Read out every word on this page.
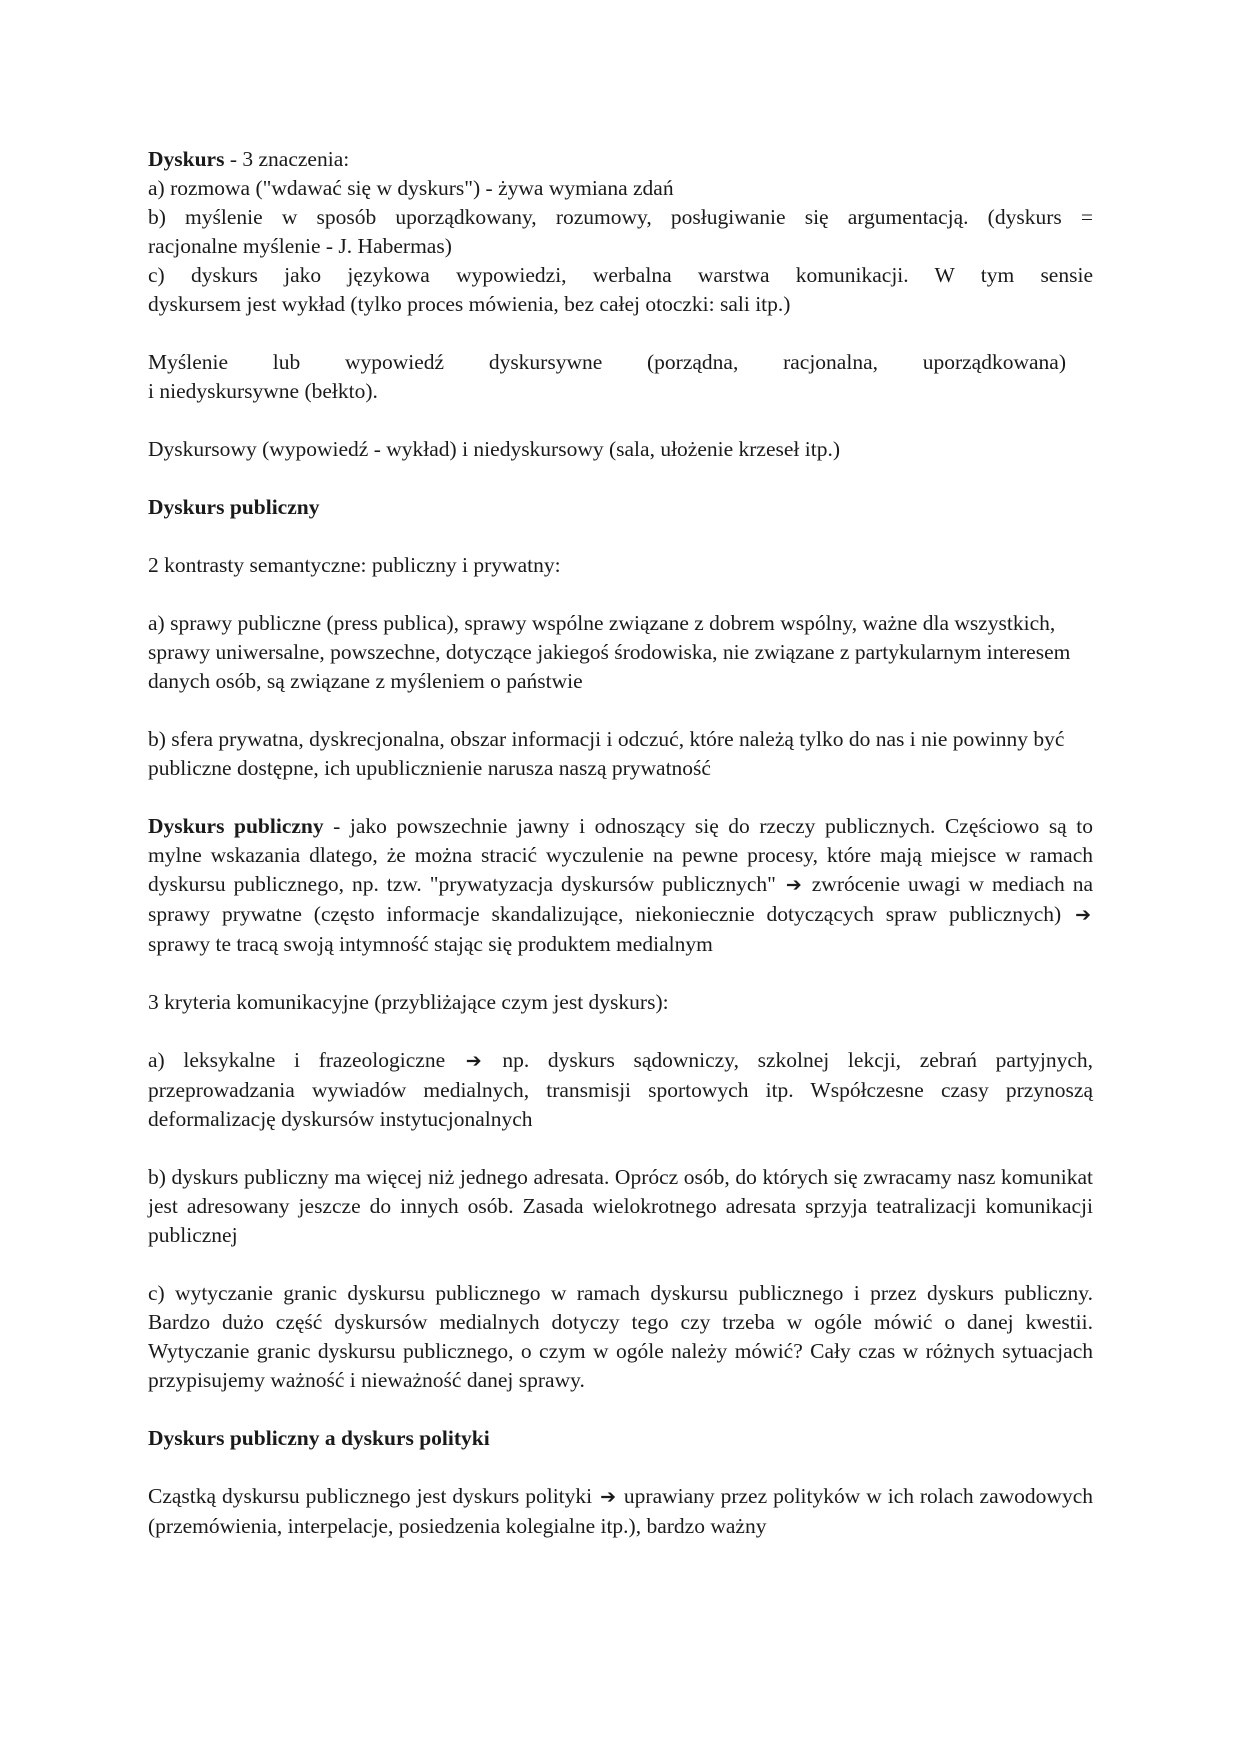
Dyskurs - 3 znaczenia:
a) rozmowa ("wdawać się w dyskurs") - żywa wymiana zdań
b) myślenie w sposób uporządkowany, rozumowy, posługiwanie się argumentacją. (dyskurs =
racjonalne myślenie - J. Habermas)
c) dyskurs jako językowa wypowiedzi, werbalna warstwa komunikacji. W tym sensie
dyskursem jest wykład (tylko proces mówienia, bez całej otoczki: sali itp.)
Myślenie lub wypowiedź dyskursywne (porządna, racjonalna, uporządkowana)
i niedyskursywne (bełkto).
Dyskursowy (wypowiedź - wykład) i niedyskursowy (sala, ułożenie krzeseł itp.)
Dyskurs publiczny
2 kontrasty semantyczne: publiczny i prywatny:
a) sprawy publiczne (press publica), sprawy wspólne związane z dobrem wspólny, ważne dla wszystkich, sprawy uniwersalne, powszechne, dotyczące jakiegoś środowiska, nie związane z partykularnym interesem danych osób, są związane z myśleniem o państwie
b) sfera prywatna, dyskrecjonalna, obszar informacji i odczuć, które należą tylko do nas i nie powinny być publiczne dostępne, ich upublicznienie narusza naszą prywatność
Dyskurs publiczny - jako powszechnie jawny i odnoszący się do rzeczy publicznych. Częściowo są to mylne wskazania dlatego, że można stracić wyczulenie na pewne procesy, które mają miejsce w ramach dyskursu publicznego, np. tzw. "prywatyzacja dyskursów publicznych" ➔ zwrócenie uwagi w mediach na sprawy prywatne (często informacje skandalizujące, niekoniecznie dotyczących spraw publicznych) ➔ sprawy te tracą swoją intymność stając się produktem medialnym
3 kryteria komunikacyjne (przybliżające czym jest dyskurs):
a) leksykalne i frazeologiczne ➔ np. dyskurs sądowniczy, szkolnej lekcji, zebrań partyjnych, przeprowadzania wywiadów medialnych, transmisji sportowych itp. Współczesne czasy przynoszą deformalizację dyskursów instytucjonalnych
b) dyskurs publiczny ma więcej niż jednego adresata. Oprócz osób, do których się zwracamy nasz komunikat jest adresowany jeszcze do innych osób. Zasada wielokrotnego adresata sprzyja teatralizacji komunikacji publicznej
c) wytyczanie granic dyskursu publicznego w ramach dyskursu publicznego i przez dyskurs publiczny. Bardzo dużo część dyskursów medialnych dotyczy tego czy trzeba w ogóle mówić o danej kwestii. Wytyczanie granic dyskursu publicznego, o czym w ogóle należy mówić? Cały czas w różnych sytuacjach przypisujemy ważność i nieważność danej sprawy.
Dyskurs publiczny a dyskurs polityki
Cząstką dyskursu publicznego jest dyskurs polityki ➔ uprawiany przez polityków w ich rolach zawodowych (przemówienia, interpelacje, posiedzenia kolegialne itp.), bardzo ważny
